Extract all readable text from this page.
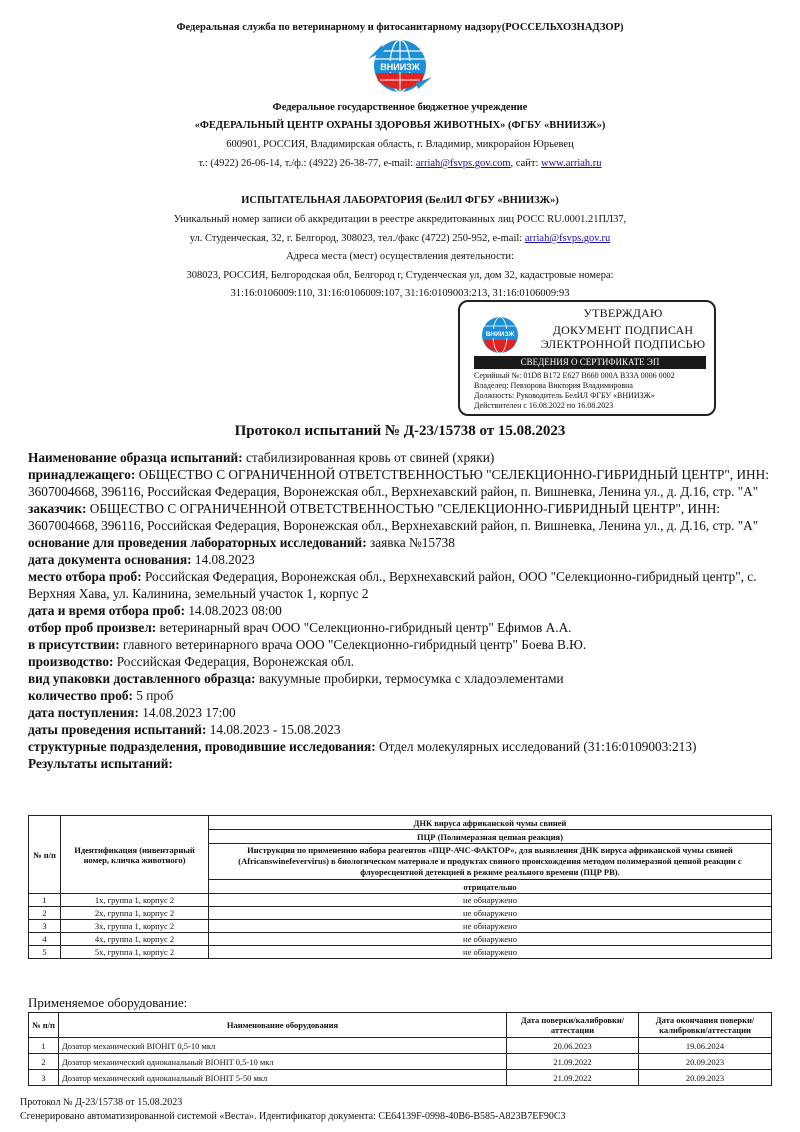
Федеральная служба по ветеринарному и фитосанитарному надзору(РОССЕЛЬХОЗНАДЗОР)
ВНИИЗЖ
Федеральное государственное бюджетное учреждение
«ФЕДЕРАЛЬНЫЙ ЦЕНТР ОХРАНЫ ЗДОРОВЬЯ ЖИВОТНЫХ» (ФГБУ «ВНИИЗЖ»)
600901, РОССИЯ, Владимирская область, г. Владимир, микрорайон Юрьевец
т.: (4922) 26-06-14, т./ф.: (4922) 26-38-77, e-mail: arriah@fsvps.gov.com, сайт: www.arriah.ru
ИСПЫТАТЕЛЬНАЯ ЛАБОРАТОРИЯ (БелИЛ ФГБУ «ВНИИЗЖ»)
Уникальный номер записи об аккредитации в реестре аккредитованных лиц РОСС RU.0001.21ПЛ37,
ул. Студенческая, 32, г. Белгород, 308023, тел./факс (4722) 250-952, e-mail: arriah@fsvps.gov.ru
Адреса места (мест) осуществления деятельности:
308023, РОССИЯ, Белгородская обл, Белгород г, Студенческая ул, дом 32, кадастровые номера:
31:16:0106009:110, 31:16:0106009:107, 31:16:0109003:213, 31:16:0106009:93
ВНИИЗЖ
УТВЕРЖДАЮ
ДОКУМЕНТ ПОДПИСАН
ЭЛЕКТРОННОЙ ПОДПИСЬЮ
СВЕДЕНИЯ О СЕРТИФИКАТЕ ЭП
Серийный №: 01D8 B172 E627 B660 000A B33A 0006 0002
Владелец: Певзорова Виктория Владимировна
Должность: Руководитель БелИЛ ФГБУ «ВНИИЗЖ»
Действителен с 16.08.2022 по 16.08.2023
Протокол испытаний № Д-23/15738 от 15.08.2023

Наименование образца испытаний: стабилизированная кровь от свиней (хряки)

принадлежащего: ОБЩЕСТВО С ОГРАНИЧЕННОЙ ОТВЕТСТВЕННОСТЬЮ "СЕЛЕКЦИОННО-ГИБРИДНЫЙ ЦЕНТР", ИНН: 3607004668, 396116, Российская Федерация, Воронежская обл., Верхнехавский район, п. Вишневка, Ленина ул., д. Д.16, стр. "А"

заказчик: ОБЩЕСТВО С ОГРАНИЧЕННОЙ ОТВЕТСТВЕННОСТЬЮ "СЕЛЕКЦИОННО-ГИБРИДНЫЙ ЦЕНТР", ИНН: 3607004668, 396116, Российская Федерация, Воронежская обл., Верхнехавский район, п. Вишневка, Ленина ул., д. Д.16, стр. "А"

основание для проведения лабораторных исследований: заявка №15738

дата документа основания: 14.08.2023

место отбора проб: Российская Федерация, Воронежская обл., Верхнехавский район, ООО "Селекционно-гибридный центр", с. Верхняя Хава, ул. Калинина, земельный участок 1, корпус 2

дата и время отбора проб: 14.08.2023 08:00

отбор проб произвел: ветеринарный врач ООО "Селекционно-гибридный центр" Ефимов А.А.

в присутствии: главного ветеринарного врача ООО "Селекционно-гибридный центр" Боева В.Ю.

производство: Российская Федерация, Воронежская обл.

вид упаковки доставленного образца: вакуумные пробирки, термосумка с хладоэлементами

количество проб: 5 проб

дата поступления: 14.08.2023 17:00

даты проведения испытаний: 14.08.2023 - 15.08.2023

структурные подразделения, проводившие исследования: Отдел молекулярных исследований (31:16:0109003:213)

Результаты испытаний:

№ п/п	Идентификация (инвентарный номер, кличка животного)	ДНК вируса африканской чумы свиней
		ПЦР (Полимеразная цепная реакция)
		Инструкция по применению набора реагентов «ПЦР-АЧС-ФАКТОР», для выявления ДНК вируса африканской чумы свиней (Africanswinefevervirus) в биологическом материале и продуктах свиного происхождения методом полимеразной цепной реакции с флуоресцентной детекцией в режиме реального времени (ПЦР РВ).
		отрицательно
1	1х, группа 1, корпус 2	не обнаружено
2	2х, группа 1, корпус 2	не обнаружено
3	3х, группа 1, корпус 2	не обнаружено
4	4х, группа 1, корпус 2	не обнаружено
5	5х, группа 1, корпус 2	не обнаружено
Применяемое оборудование:
№ п/п	Наименование оборудования	Дата поверки/калибровки/аттестации	Дата окончания поверки/калибровки/аттестации
1	Дозатор механический BIOHIT 0,5-10 мкл	20.06.2023	19.06.2024
2	Дозатор механический одноканальный BIOHIT 0,5-10 мкл	21.09.2022	20.09.2023
3	Дозатор механический одноканальный BIOHIT 5-50 мкл	21.09.2022	20.09.2023
Протокол № Д-23/15738 от 15.08.2023
Сгенерировано автоматизированной системой «Веста». Идентификатор документа: CE64139F-0998-40B6-B585-A823B7EF90C3
